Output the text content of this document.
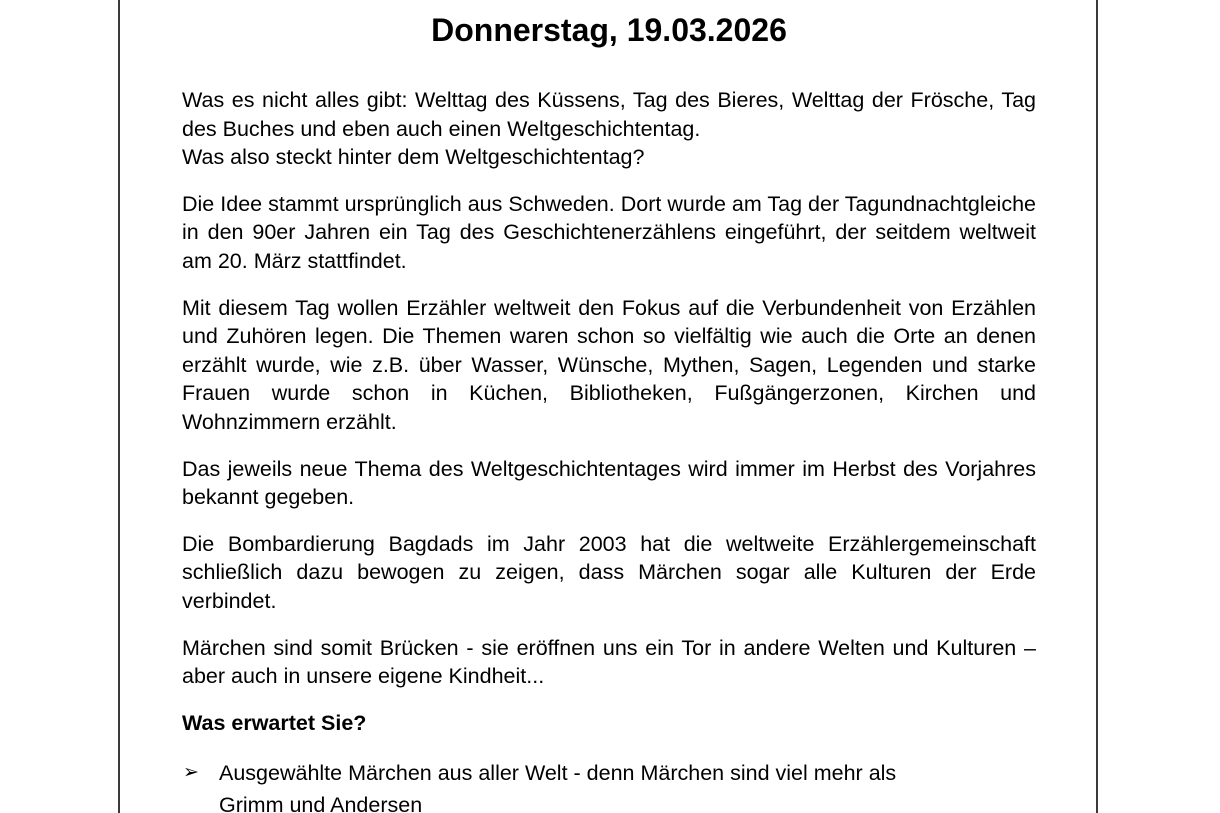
Donnerstag, 19.03.2026

Was es nicht alles gibt: Welttag des Küssens, Tag des Bieres, Welttag der Frösche, Tag des Buches und eben auch einen Weltgeschichtentag.
Was also steckt hinter dem Weltgeschichtentag?

Die Idee stammt ursprünglich aus Schweden. Dort wurde am Tag der Tagundnachtgleiche in den 90er Jahren ein Tag des Geschichtenerzählens eingeführt, der seitdem weltweit am 20. März stattfindet.

Mit diesem Tag wollen Erzähler weltweit den Fokus auf die Verbundenheit von Erzählen und Zuhören legen. Die Themen waren schon so vielfältig wie auch die Orte an denen erzählt wurde, wie z.B. über Wasser, Wünsche, Mythen, Sagen, Legenden und starke Frauen wurde schon in Küchen, Bibliotheken, Fußgängerzonen, Kirchen und Wohnzimmern erzählt.

Das jeweils neue Thema des Weltgeschichtentages wird immer im Herbst des Vorjahres bekannt gegeben.

Die Bombardierung Bagdads im Jahr 2003 hat die weltweite Erzählergemeinschaft schließlich dazu bewogen zu zeigen, dass Märchen sogar alle Kulturen der Erde verbindet.

Märchen sind somit Brücken - sie eröffnen uns ein Tor in andere Welten und Kulturen – aber auch in unsere eigene Kindheit...

Was erwartet Sie?

➢ Ausgewählte Märchen aus aller Welt - denn Märchen sind viel mehr als
Grimm und Andersen
